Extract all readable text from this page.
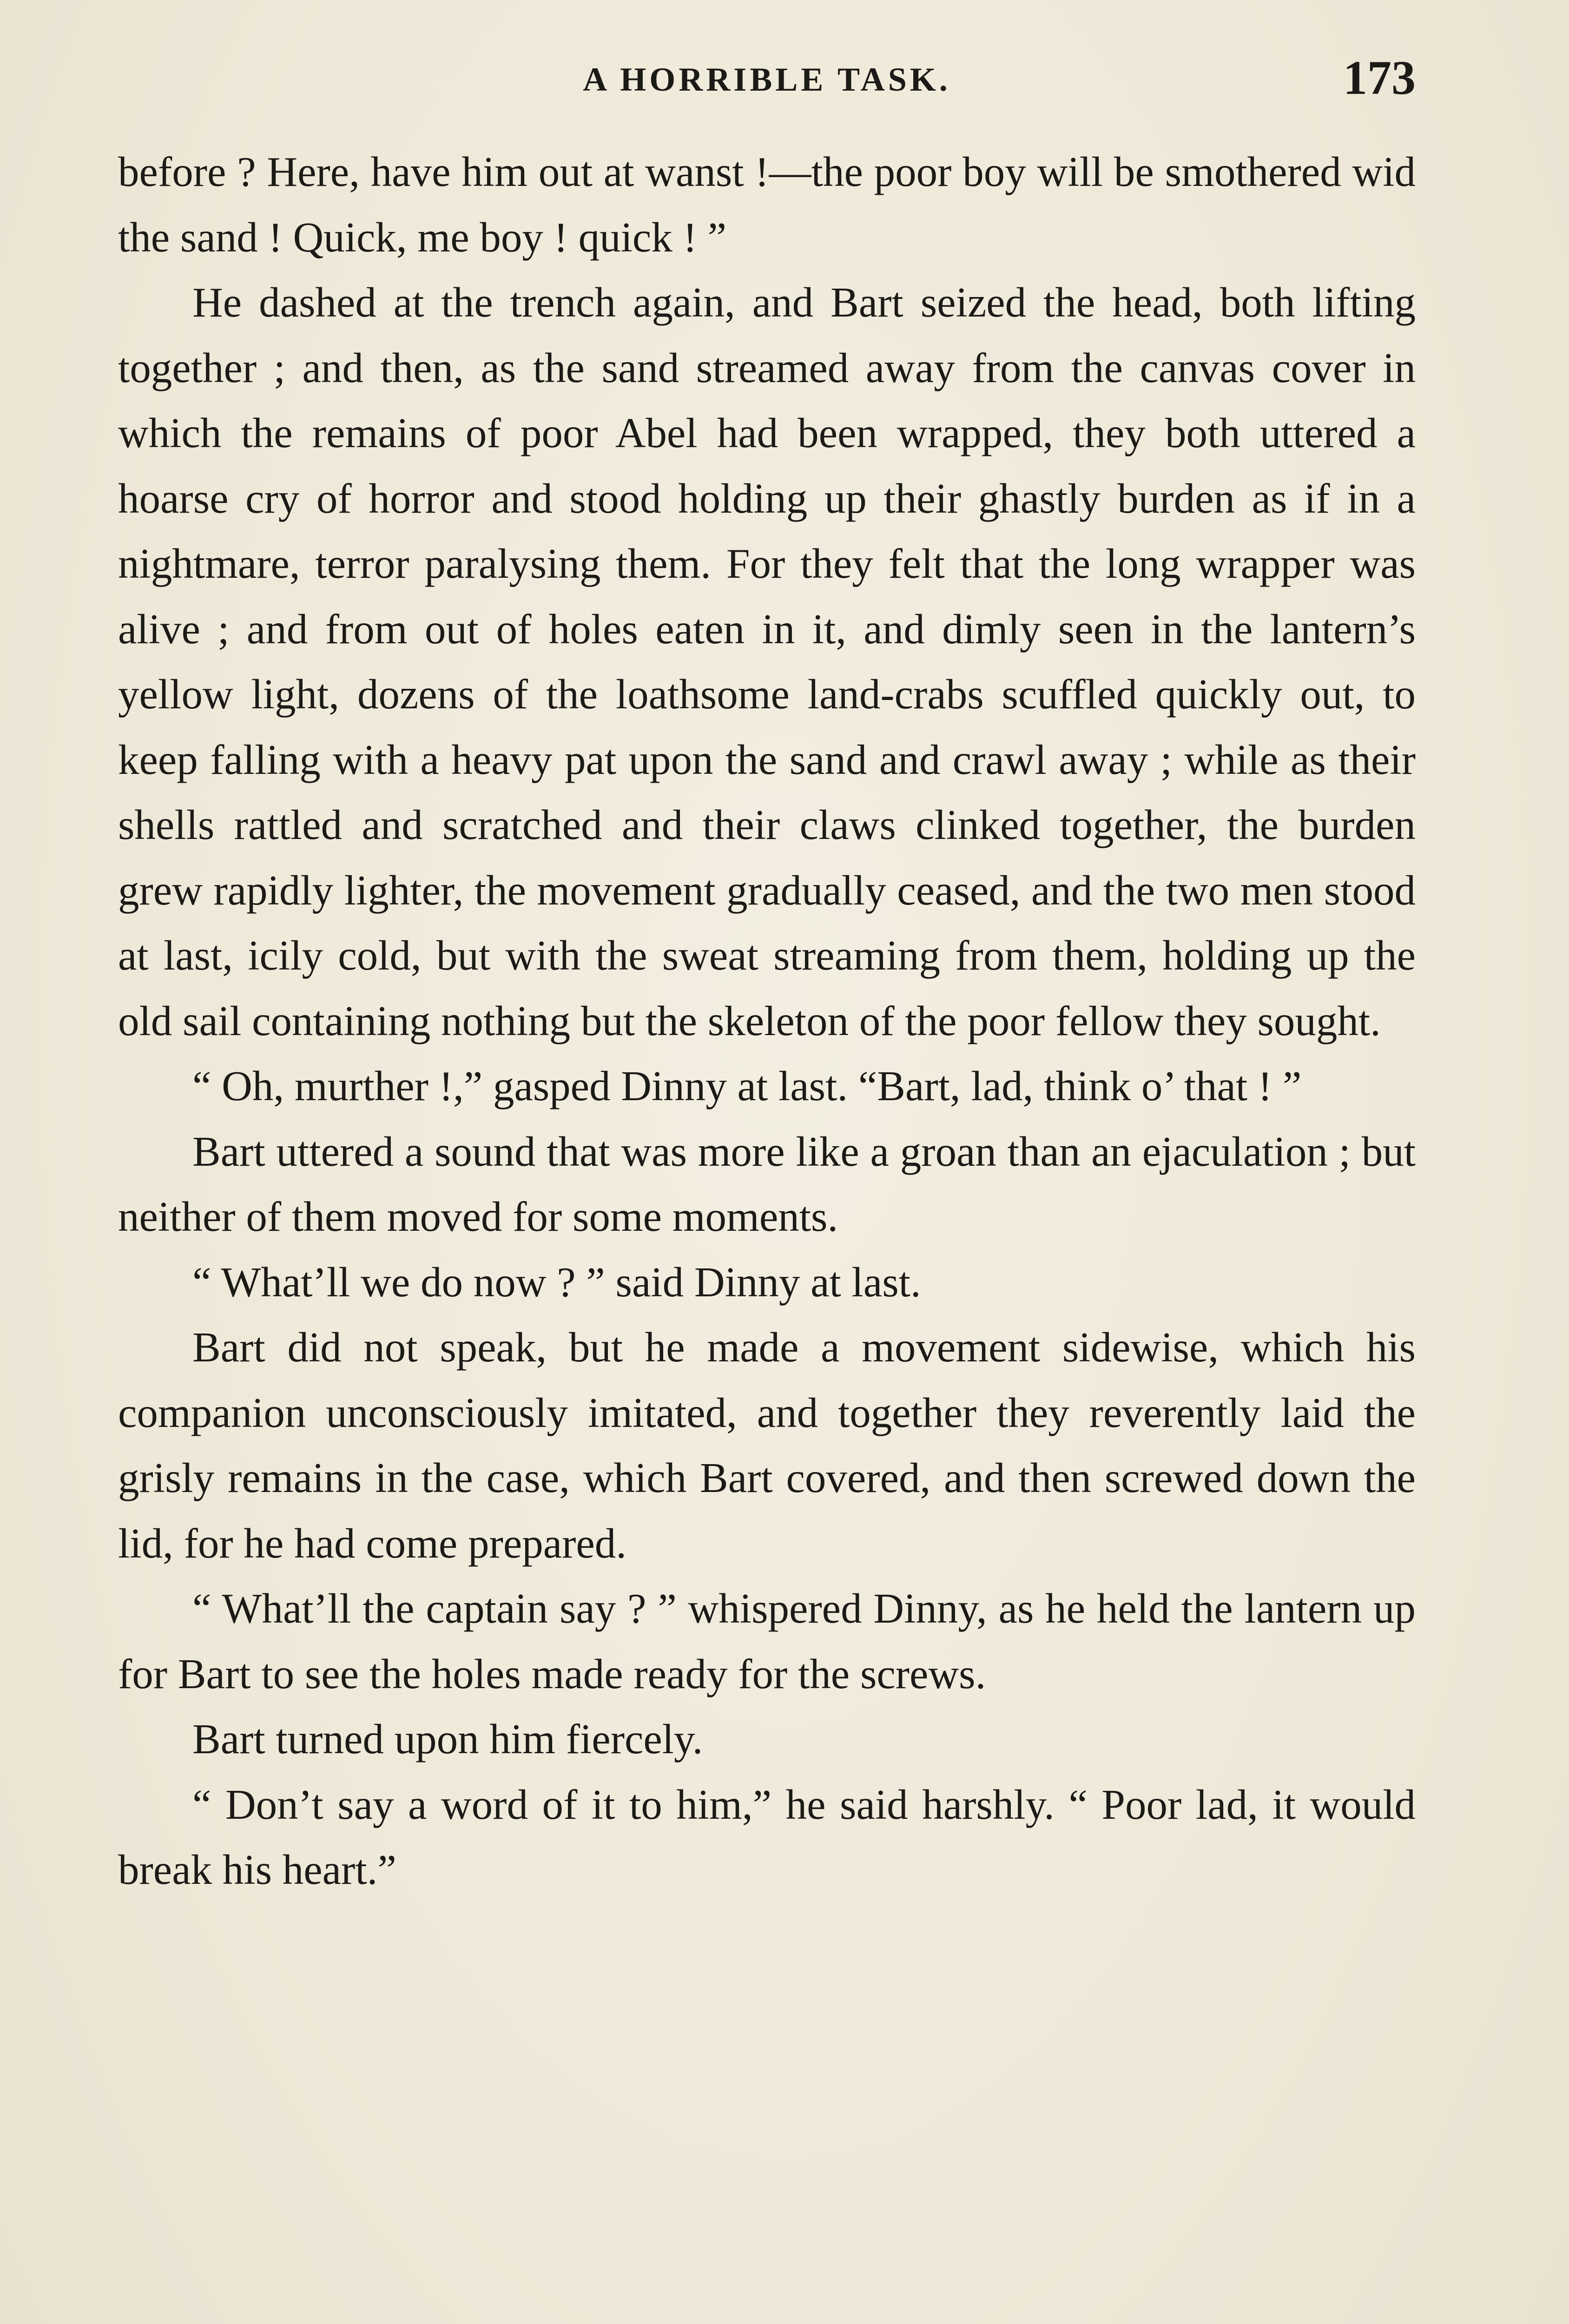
A HORRIBLE TASK.	173

before ? Here, have him out at wanst !—the poor boy will be smothered wid the sand ! Quick, me boy ! quick ! ”

He dashed at the trench again, and Bart seized the head, both lifting together ; and then, as the sand streamed away from the canvas cover in which the remains of poor Abel had been wrapped, they both uttered a hoarse cry of horror and stood holding up their ghastly burden as if in a nightmare, terror paralysing them. For they felt that the long wrapper was alive ; and from out of holes eaten in it, and dimly seen in the lantern’s yellow light, dozens of the loathsome land-crabs scuffled quickly out, to keep falling with a heavy pat upon the sand and crawl away ; while as their shells rattled and scratched and their claws clinked together, the burden grew rapidly lighter, the movement gradually ceased, and the two men stood at last, icily cold, but with the sweat streaming from them, holding up the old sail containing nothing but the skeleton of the poor fellow they sought.

“ Oh, murther !,” gasped Dinny at last. “Bart, lad, think o’ that ! ”

Bart uttered a sound that was more like a groan than an ejaculation ; but neither of them moved for some moments.

“ What’ll we do now ? ” said Dinny at last.

Bart did not speak, but he made a movement sidewise, which his companion unconsciously imitated, and together they reverently laid the grisly remains in the case, which Bart covered, and then screwed down the lid, for he had come prepared.

“ What’ll the captain say ? ” whispered Dinny, as he held the lantern up for Bart to see the holes made ready for the screws.

Bart turned upon him fiercely.

“ Don’t say a word of it to him,” he said harshly. “ Poor lad, it would break his heart.”
